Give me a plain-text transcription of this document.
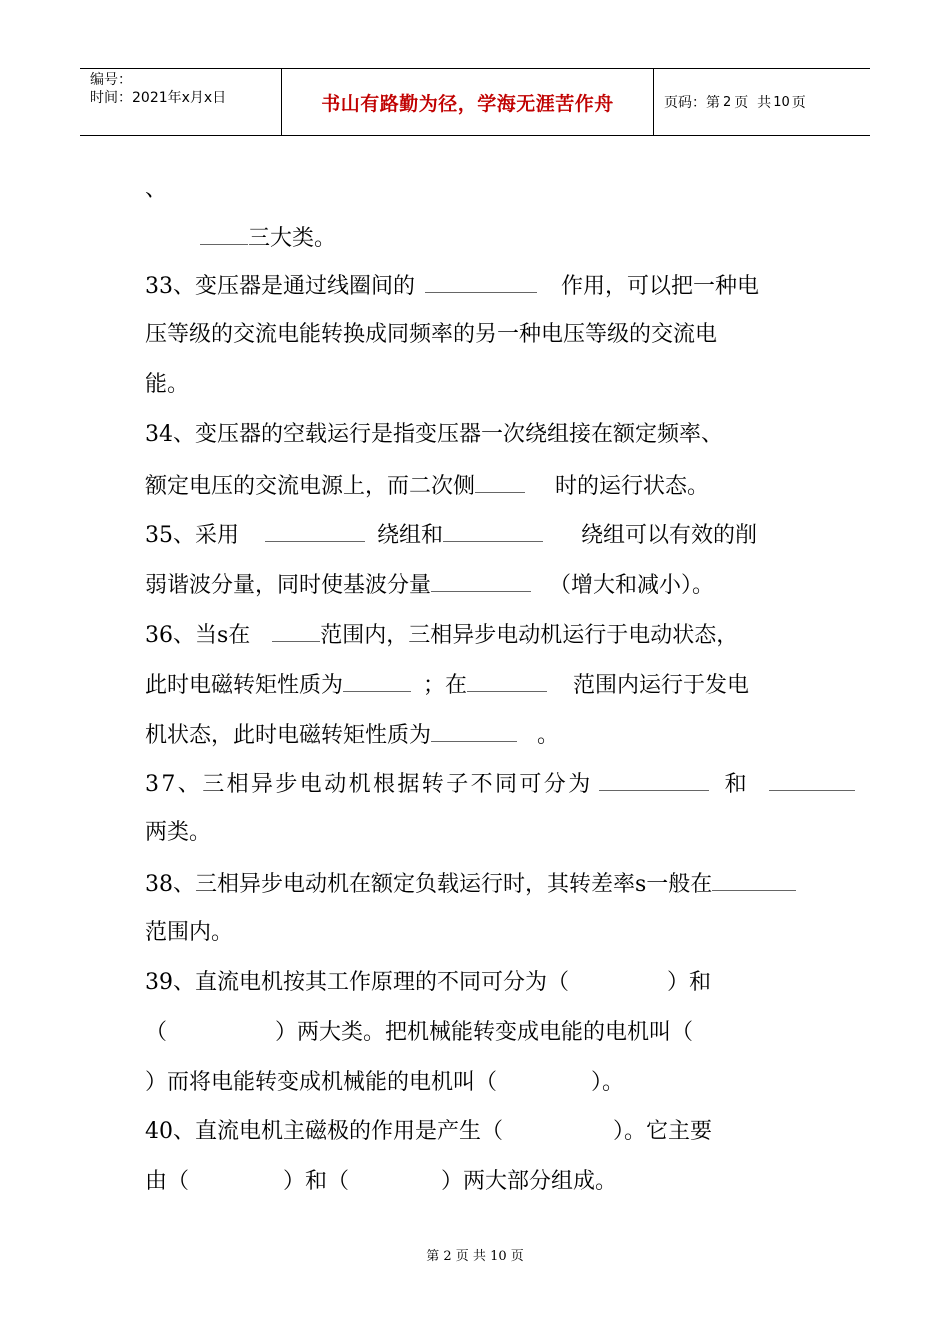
编号：
时间：2021年x月x日	书山有路勤为径，学海无涯苦作舟	页码： 第 2 页  共 10 页
、
三大类。
33、变压器是通过线圈间的	作用，可以把一种电
压等级的交流电能转换成同频率的另一种电压等级的交流电
能。
34、变压器的空载运行是指变压器一次绕组接在额定频率、
额定电压的交流电源上，而二次侧	时的运行状态。
35、采用	绕组和	绕组可以有效的削
弱谐波分量，同时使基波分量	（增大和减小）。
36、当s在	范围内，三相异步电动机运行于电动状态，
此时电磁转矩性质为	；在	范围内运行于发电
机状态，此时电磁转矩性质为	。
37、三相异步电动机根据转子不同可分为	和
两类。
38、三相异步电动机在额定负载运行时，其转差率s一般在
范围内。
39、直流电机按其工作原理的不同可分为（	）和
（	）两大类。把机械能转变成电能的电机叫（
）而将电能转变成机械能的电机叫（	）。
40、直流电机主磁极的作用是产生（	）。它主要
由（	）和（	）两大部分组成。
第 2 页 共 10 页
